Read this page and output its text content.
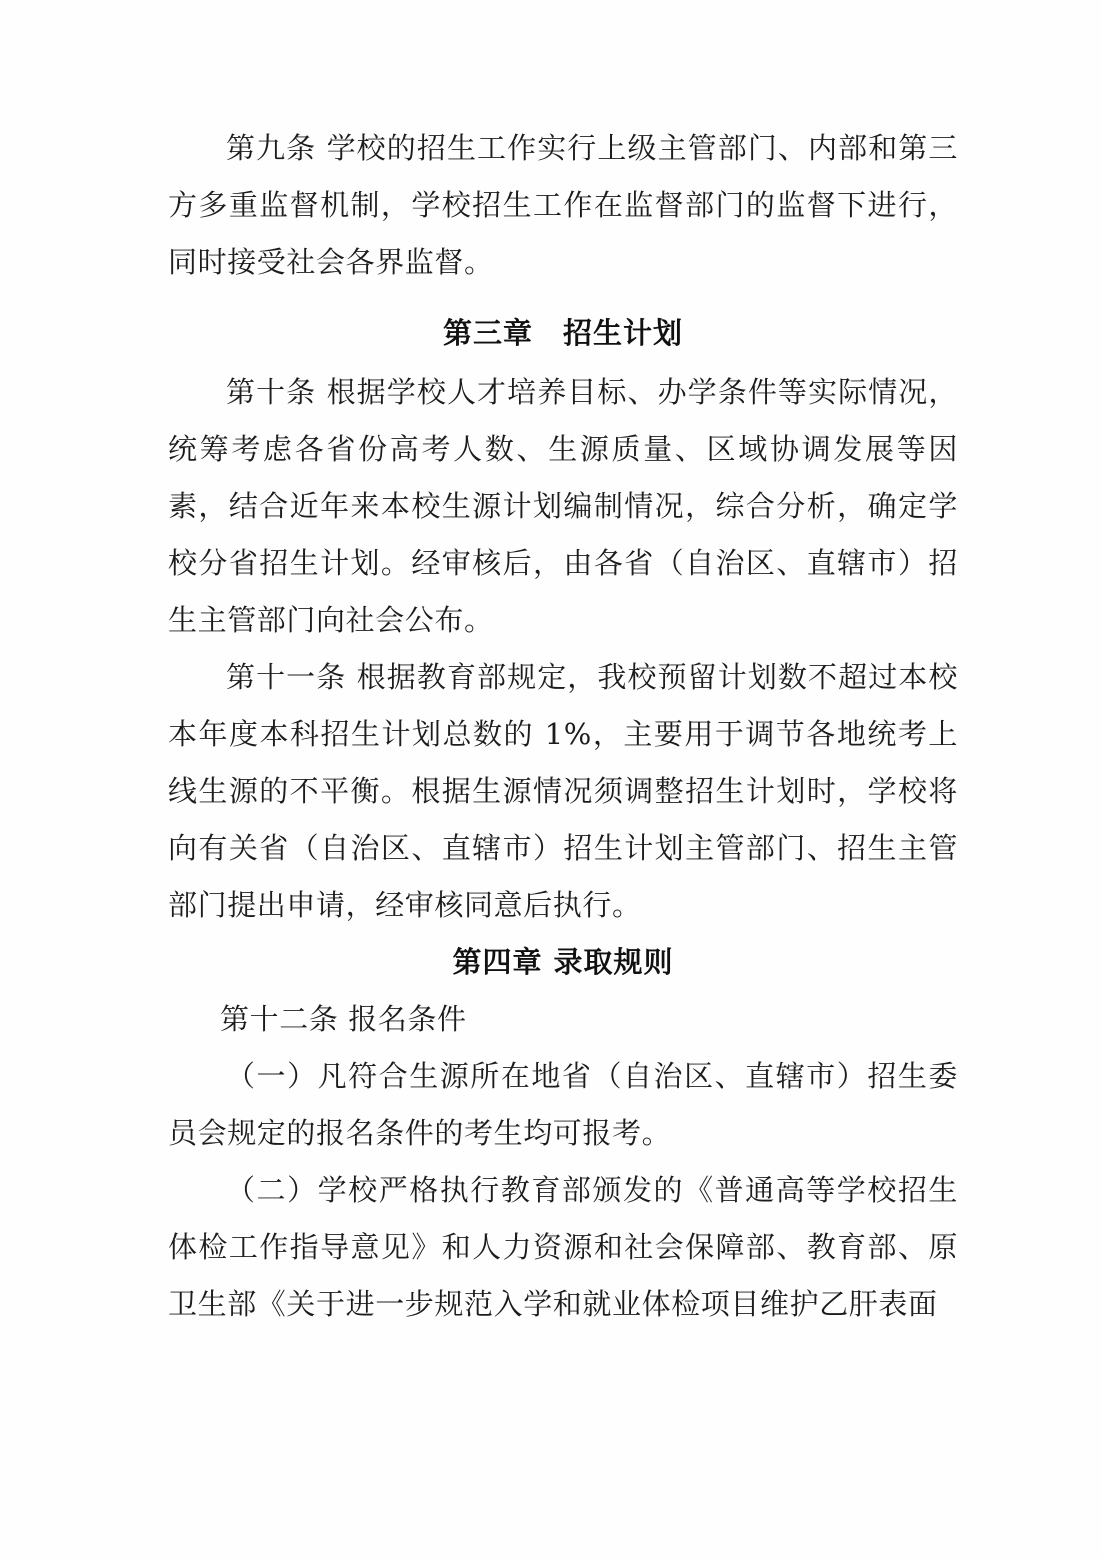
第九条 学校的招生工作实行上级主管部门、内部和第三方多重监督机制，学校招生工作在监督部门的监督下进行，同时接受社会各界监督。

第三章　招生计划

第十条 根据学校人才培养目标、办学条件等实际情况，统筹考虑各省份高考人数、生源质量、区域协调发展等因素，结合近年来本校生源计划编制情况，综合分析，确定学校分省招生计划。经审核后，由各省（自治区、直辖市）招生主管部门向社会公布。

第十一条 根据教育部规定，我校预留计划数不超过本校本年度本科招生计划总数的 1%，主要用于调节各地统考上线生源的不平衡。根据生源情况须调整招生计划时，学校将向有关省（自治区、直辖市）招生计划主管部门、招生主管部门提出申请，经审核同意后执行。

第四章 录取规则

第十二条 报名条件

（一）凡符合生源所在地省（自治区、直辖市）招生委员会规定的报名条件的考生均可报考。

（二）学校严格执行教育部颁发的《普通高等学校招生体检工作指导意见》和人力资源和社会保障部、教育部、原卫生部《关于进一步规范入学和就业体检项目维护乙肝表面
